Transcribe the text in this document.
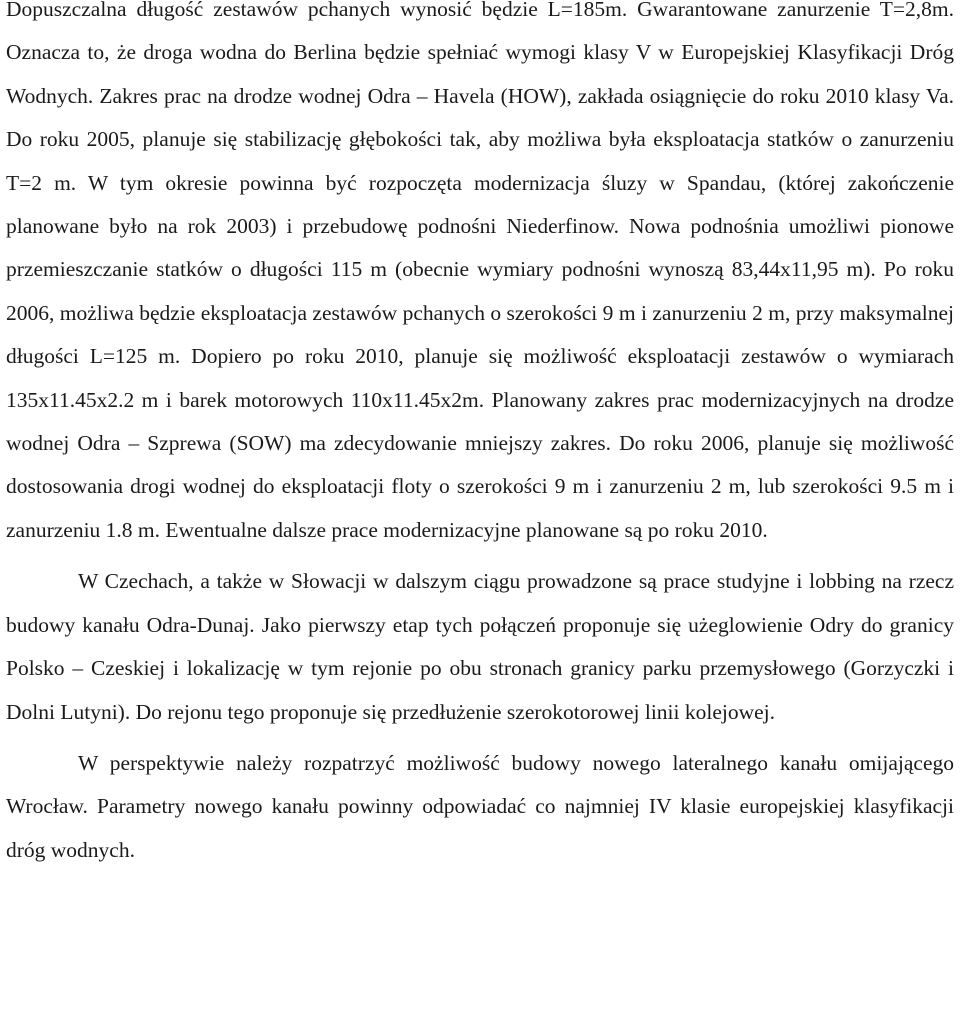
Dopuszczalna długość zestawów pchanych wynosić będzie L=185m. Gwarantowane zanurzenie T=2,8m. Oznacza to, że droga wodna do Berlina będzie spełniać wymogi klasy V w Europejskiej Klasyfikacji Dróg Wodnych. Zakres prac na drodze wodnej Odra – Havela (HOW), zakłada osiągnięcie do roku 2010 klasy Va. Do roku 2005, planuje się stabilizację głębokości tak, aby możliwa była eksploatacja statków o zanurzeniu T=2 m. W tym okresie powinna być rozpoczęta modernizacja śluzy w Spandau, (której zakończenie planowane było na rok 2003) i przebudowę podnośni Niederfinow. Nowa podnośnia umożliwi pionowe przemieszczanie statków o długości 115 m (obecnie wymiary podnośni wynoszą 83,44x11,95 m). Po roku 2006, możliwa będzie eksploatacja zestawów pchanych o szerokości 9 m i zanurzeniu 2 m, przy maksymalnej długości L=125 m. Dopiero po roku 2010, planuje się możliwość eksploatacji zestawów o wymiarach 135x11.45x2.2 m i barek motorowych 110x11.45x2m. Planowany zakres prac modernizacyjnych na drodze wodnej Odra – Szprewa (SOW) ma zdecydowanie mniejszy zakres. Do roku 2006, planuje się możliwość dostosowania drogi wodnej do eksploatacji floty o szerokości 9 m i zanurzeniu 2 m, lub szerokości 9.5 m i zanurzeniu 1.8 m. Ewentualne dalsze prace modernizacyjne planowane są po roku 2010.

W Czechach, a także w Słowacji w dalszym ciągu prowadzone są prace studyjne i lobbing na rzecz budowy kanału Odra-Dunaj. Jako pierwszy etap tych połączeń proponuje się użeglowienie Odry do granicy Polsko – Czeskiej i lokalizację w tym rejonie po obu stronach granicy parku przemysłowego (Gorzyczki i Dolni Lutyni). Do rejonu tego proponuje się przedłużenie szerokotorowej linii kolejowej.

W perspektywie należy rozpatrzyć możliwość budowy nowego lateralnego kanału omijającego Wrocław. Parametry nowego kanału powinny odpowiadać co najmniej IV klasie europejskiej klasyfikacji dróg wodnych.
